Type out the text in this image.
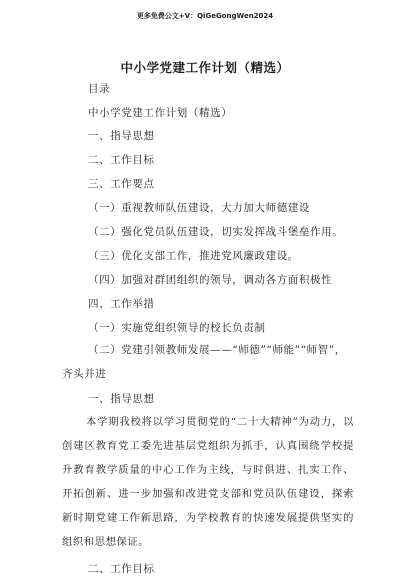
更多免费公文+V：QiGeGongWen2024
中小学党建工作计划（精选）
目录
中小学党建工作计划（精选）
一、指导思想
二、工作目标
三、工作要点
（一）重视教师队伍建设，大力加大师德建设
（二）强化党员队伍建设，切实发挥战斗堡垒作用。
（三）优化支部工作，推进党风廉政建设。
（四）加强对群团组织的领导，调动各方面积极性
四、工作举措
（一）实施党组织领导的校长负责制
（二）党建引领教师发展——“师德”“师能”“师智”，齐头并进
一、指导思想
本学期我校将以学习贯彻党的“二十大精神”为动力，以创建区教育党工委先进基层党组织为抓手，认真围绕学校提升教育教学质量的中心工作为主线，与时俱进、扎实工作、开拓创新、进一步加强和改进党支部和党员队伍建设，探索新时期党建工作新思路，为学校教育的快速发展提供坚实的组织和思想保证。
二、工作目标
